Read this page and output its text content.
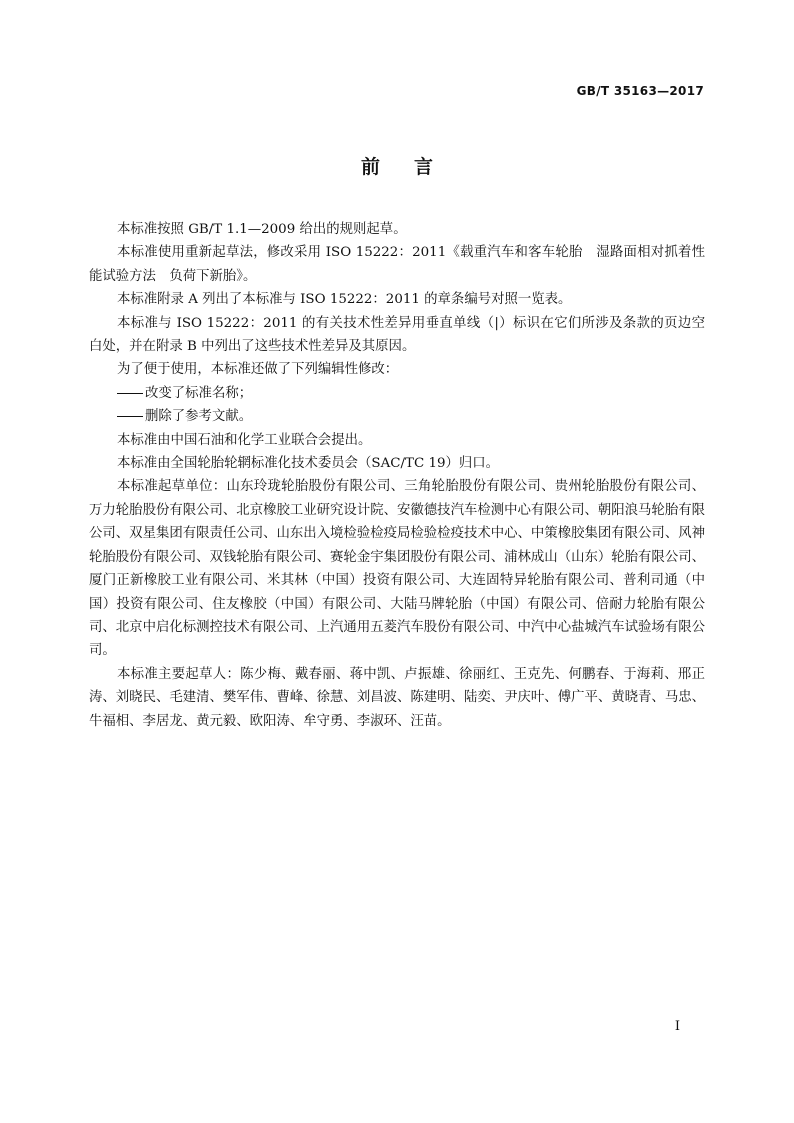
GB/T 35163—2017
前言

本标准按照 GB/T 1.1—2009 给出的规则起草。

本标准使用重新起草法，修改采用 ISO 15222：2011《载重汽车和客车轮胎　湿路面相对抓着性能试验方法　负荷下新胎》。

本标准附录 A 列出了本标准与 ISO 15222：2011 的章条编号对照一览表。

本标准与 ISO 15222：2011 的有关技术性差异用垂直单线（|）标识在它们所涉及条款的页边空白处，并在附录 B 中列出了这些技术性差异及其原因。

为了便于使用，本标准还做了下列编辑性修改：

改变了标准名称；

删除了参考文献。

本标准由中国石油和化学工业联合会提出。

本标准由全国轮胎轮辋标准化技术委员会（SAC/TC 19）归口。

本标准起草单位：山东玲珑轮胎股份有限公司、三角轮胎股份有限公司、贵州轮胎股份有限公司、万力轮胎股份有限公司、北京橡胶工业研究设计院、安徽德技汽车检测中心有限公司、朝阳浪马轮胎有限公司、双星集团有限责任公司、山东出入境检验检疫局检验检疫技术中心、中策橡胶集团有限公司、风神轮胎股份有限公司、双钱轮胎有限公司、赛轮金宇集团股份有限公司、浦林成山（山东）轮胎有限公司、厦门正新橡胶工业有限公司、米其林（中国）投资有限公司、大连固特异轮胎有限公司、普利司通（中国）投资有限公司、住友橡胶（中国）有限公司、大陆马牌轮胎（中国）有限公司、倍耐力轮胎有限公司、北京中启化标测控技术有限公司、上汽通用五菱汽车股份有限公司、中汽中心盐城汽车试验场有限公司。

本标准主要起草人：陈少梅、戴春丽、蒋中凯、卢振雄、徐丽红、王克先、何鹏春、于海莉、邢正涛、刘晓民、毛建清、樊军伟、曹峰、徐慧、刘昌波、陈建明、陆奕、尹庆叶、傅广平、黄晓青、马忠、牛福相、李居龙、黄元毅、欧阳涛、牟守勇、李淑环、汪苗。

I
